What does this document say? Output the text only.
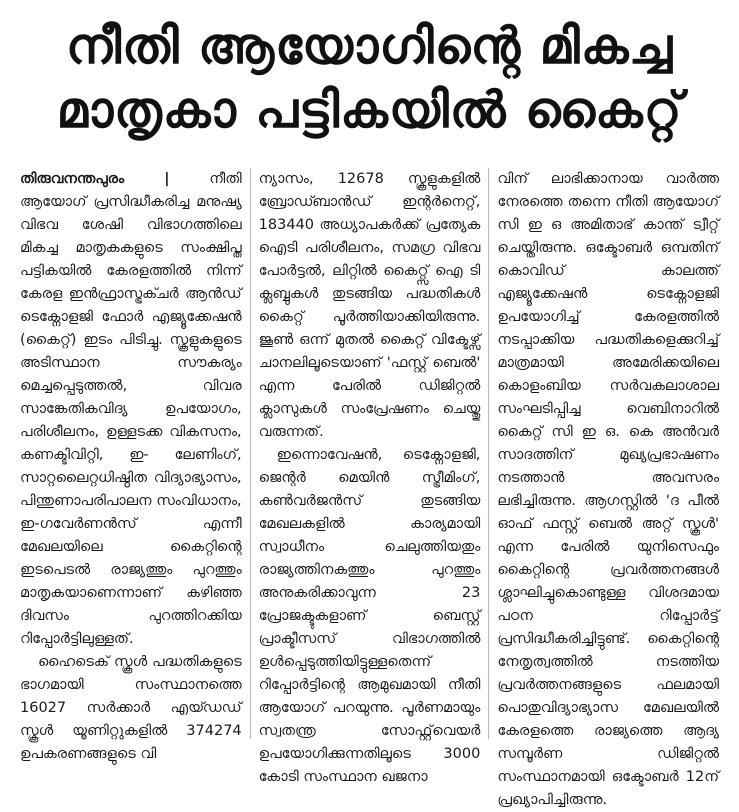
നീതി ആയോഗിന്റെ മികച്ച
മാതൃകാ പട്ടികയിൽ കൈറ്റ്

തിരുവനന്തപുരം |	നീതി ആയോഗ് പ്രസിദ്ധീകരിച്ച മനുഷ്യ വിഭവ ശേഷി വിഭാഗത്തിലെ മികച്ച മാതൃകകളുടെ സംക്ഷിപ്ത പട്ടികയിൽ കേരളത്തിൽ നിന്ന് കേരള ഇൻഫ്രാസ്ട്രക്ചർ ആൻഡ് ടെക്നോളജി ഫോർ എജ്യൂക്കേഷൻ (കൈറ്റ്) ഇടം പിടിച്ചു. സ്കൂളുകളുടെ അടിസ്ഥാന സൗകര്യം മെച്ചപ്പെടുത്തൽ, വിവര സാങ്കേതികവിദ്യ ഉപയോഗം, പരിശീലനം, ഉള്ളടക്ക വികസനം, കണക്ടിവിറ്റി, ഇ- ലേണിംഗ്, സാറ്റലൈറ്റധിഷ്ഠിത വിദ്യാഭ്യാസം, പിന്തുണാപരിപാലന സംവിധാനം, ഇ-ഗവേർണൻസ് എന്നീ മേഖലയിലെ കൈറ്റിന്റെ ഇടപെടൽ രാജ്യത്തും പുറത്തും മാതൃകയാണെന്നാണ് കഴിഞ്ഞ ദിവസം പുറത്തിറക്കിയ റിപ്പോർട്ടിലുള്ളത്.

ഹൈടെക് സ്കൂൾ പദ്ധതികളുടെ ഭാഗമായി സംസ്ഥാനത്തെ 16027 സർക്കാർ എയ്ഡഡ് സ്കൂൾ യൂണിറ്റുകളിൽ 374274 ഉപകരണങ്ങളുടെ വി

ന്യാസം, 12678 സ്കൂളുകളിൽ ബ്രോഡ്ബാൻഡ് ഇന്റർനെറ്റ്, 183440 അധ്യാപകർക്ക് പ്രത്യേക ഐടി പരിശീലനം, സമഗ്ര വിഭവ പോർട്ടൽ, ലിറ്റിൽ കൈറ്റ്സ് ഐ ടി ക്ലബ്ബുകൾ തുടങ്ങിയ പദ്ധതികൾ കൈറ്റ് പൂർത്തിയാക്കിയിരുന്നു. ജൂൺ ഒന്ന് മുതൽ കൈറ്റ് വിക്ടേഴ്സ് ചാനലിലൂടെയാണ് 'ഫസ്റ്റ് ബെൽ' എന്ന പേരിൽ ഡിജിറ്റൽ ക്ലാസുകൾ സംപ്രേഷണം ചെയ്തു വരുന്നത്.

ഇന്നൊവേഷൻ, ടെക്നോളജി, ജെന്റർ മെയിൻ സ്ട്രീമിംഗ്, കൺവർജൻസ് തുടങ്ങിയ മേഖലകളിൽ കാര്യമായി സ്വാധീനം ചെലുത്തിയതും രാജ്യത്തിനകത്തും പുറത്തും അനുകരിക്കാവുന്ന 23 പ്രോജക്ടുകളാണ് ബെസ്റ്റ് പ്രാക്ടീസസ് വിഭാഗത്തിൽ ഉൾപ്പെടുത്തിയിട്ടുള്ളതെന്ന് റിപ്പോർട്ടിന്റെ ആമുഖമായി നീതി ആയോഗ് പറയുന്നു. പൂർണമായും സ്വതന്ത്ര സോഫ്റ്റ്‌വെയർ ഉപയോഗിക്കുന്നതിലൂടെ 3000 കോടി സംസ്ഥാന ഖജനാ

വിന് ലാഭിക്കാനായ വാർത്ത നേരത്തെ തന്നെ നീതി ആയോഗ് സി ഇ ഒ അമിതാഭ് കാന്ത് ട്വീറ്റ് ചെയ്തിരുന്നു. ഒക്ടോബർ ഒമ്പതിന് കൊവിഡ് കാലത്ത് എജ്യൂക്കേഷൻ ടെക്നോളജി ഉപയോഗിച്ച് കേരളത്തിൽ നടപ്പാക്കിയ പദ്ധതികളെക്കുറിച്ച് മാത്രമായി അമേരിക്കയിലെ കൊളംബിയ സർവകലാശാല സംഘടിപ്പിച്ച വെബിനാറിൽ കൈറ്റ് സി ഇ ഒ. കെ അൻവർ സാദത്തിന് മുഖ്യപ്രഭാഷണം നടത്താൻ അവസരം ലഭിച്ചിരുന്നു. ആഗസ്റ്റിൽ 'ദ പീൽ ഓഫ് ഫസ്റ്റ് ബെൽ അറ്റ് സ്കൂൾ' എന്ന പേരിൽ യുനിസെഫും കൈറ്റിന്റെ പ്രവർത്തനങ്ങൾ ശ്ലാഘിച്ചുകൊണ്ടുള്ള വിശദമായ പഠന റിപ്പോർട്ട് പ്രസിദ്ധീകരിച്ചിട്ടുണ്ട്. കൈറ്റിന്റെ നേതൃത്വത്തിൽ നടത്തിയ പ്രവർത്തനങ്ങളുടെ ഫലമായി പൊതുവിദ്യാഭ്യാസ മേഖലയിൽ കേരളത്തെ രാജ്യത്തെ ആദ്യ സമ്പൂർണ ഡിജിറ്റൽ സംസ്ഥാനമായി ഒക്ടോബർ 12ന് പ്രഖ്യാപിച്ചിരുന്നു.
